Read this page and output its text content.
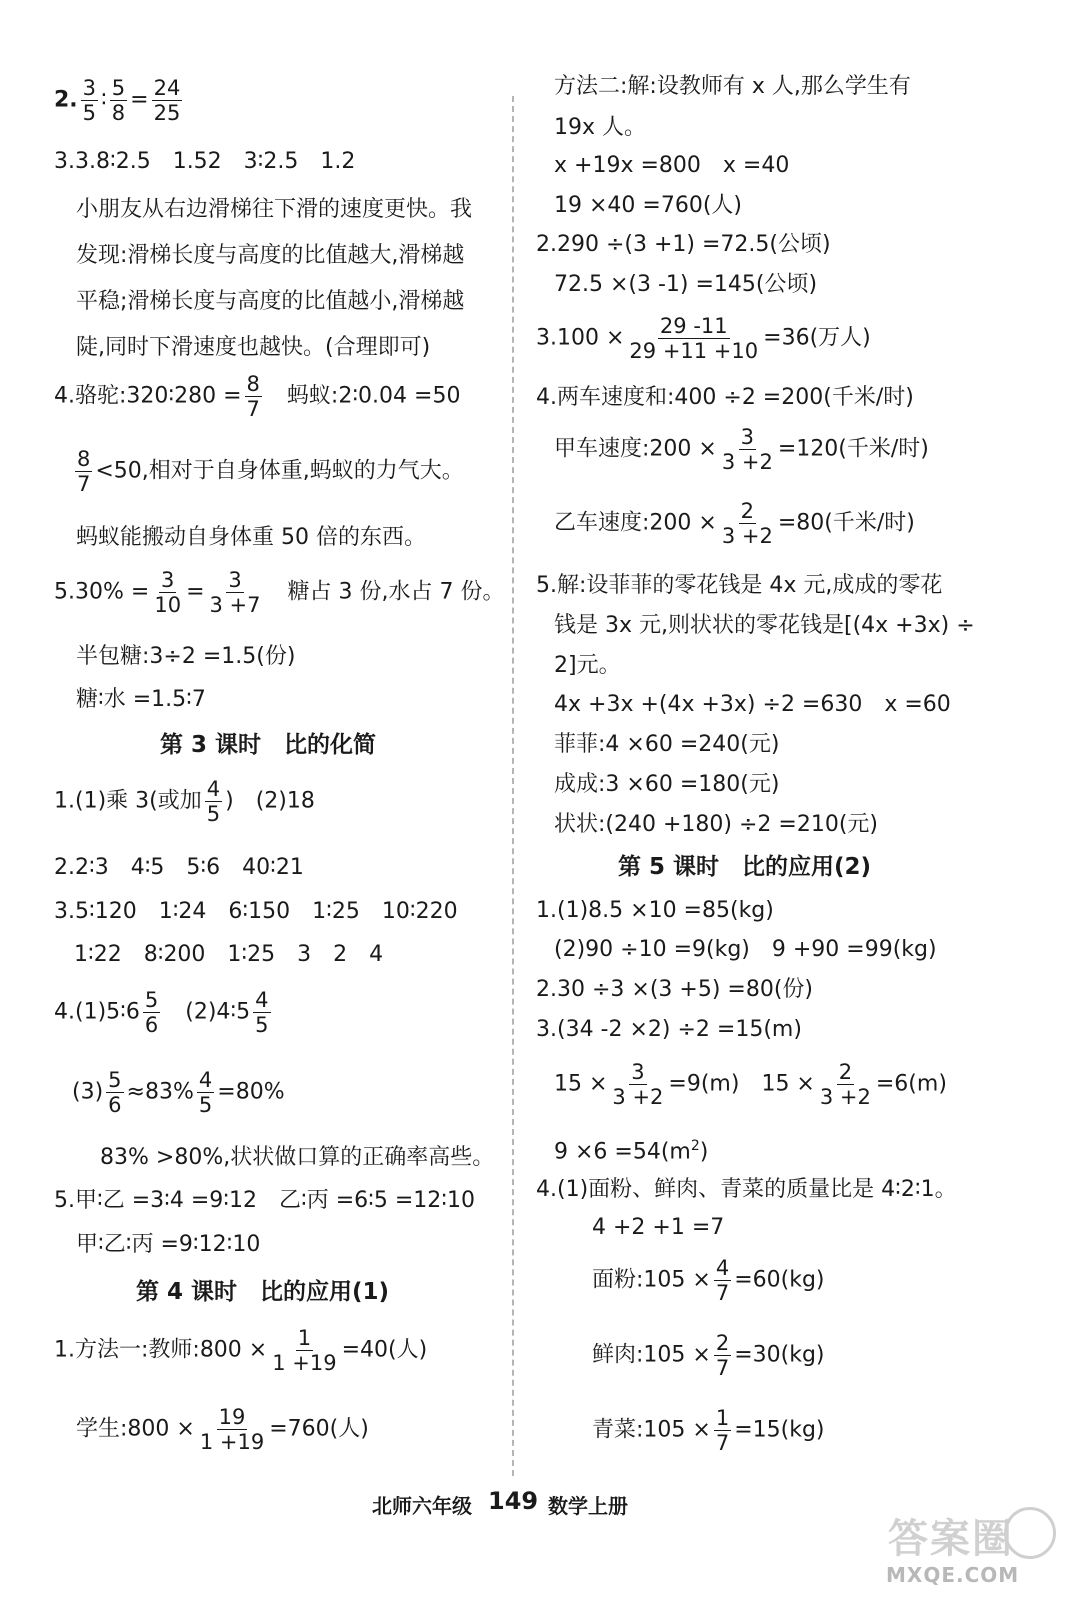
2. $\frac{3}{5}$ ∶ $\frac{5}{8} = \frac{24}{25}$
3.3.8∶2.5　1.52　3∶2.5　1.2
小朋友从右边滑梯往下滑的速度更快。我
发现:滑梯长度与高度的比值越大,滑梯越
平稳;滑梯长度与高度的比值越小,滑梯越
陡,同时下滑速度也越快。(合理即可)
4.骆驼:320∶280 = $\frac{8}{7}$ 　蚂蚁:2∶0.04 =50
$\frac{8}{7} <50$,相对于自身体重,蚂蚁的力气大。
蚂蚁能搬动自身体重 50 倍的东西。
$5.30\% = \frac{3}{10} = \frac{3}{3 +7}$ 　糖占 3 份,水占 7 份。
半包糖:3÷2 =1.5(份)
糖∶水 =1.5∶7
第 3 课时　比的化简
1.(1)乘 3(或加 $\frac{4}{5}$ )　(2)18
2.2∶3　4∶5　5∶6　40∶21
3.5∶120　1∶24　6∶150　1∶25　10∶220
1∶22　8∶200　1∶25　3　2　4
4.(1)5∶6 $\frac{5}{6}$ 　(2)4∶5 $\frac{4}{5}$
$(3) \frac{5}{6} \approx 83\% \frac{4}{5} =80\%$
83% >80%,状状做口算的正确率高些。
5.甲∶乙 =3∶4 =9∶12　乙∶丙 =6∶5 =12∶10
甲∶乙∶丙 =9∶12∶10
第 4 课时　比的应用(1)
1.方法一:教师:800 × $\frac{1}{1 +19} =40$(人)
学生:800 × $\frac{19}{1 +19} =760$(人)
方法二:解:设教师有 x 人,那么学生有
19x 人。
x +19x =800　x =40
19 ×40 =760(人)
2.290 ÷(3 +1) =72.5(公顷)
72.5 ×(3 -1) =145(公顷)
$3.100 \times \frac{29 -11}{29 +11 +10} =36$(万人)
4.两车速度和:400 ÷2 =200(千米/时)
甲车速度:200 × $\frac{3}{3 +2} =120$(千米/时)
乙车速度:200 × $\frac{2}{3 +2} =80$(千米/时)
5.解:设菲菲的零花钱是 4x 元,成成的零花
钱是 3x 元,则状状的零花钱是[(4x +3x) ÷
2]元。
4x +3x +(4x +3x) ÷2 =630　x =60
菲菲:4 ×60 =240(元)
成成:3 ×60 =180(元)
状状:(240 +180) ÷2 =210(元)
第 5 课时　比的应用(2)
1.(1)8.5 ×10 =85(kg)
(2)90 ÷10 =9(kg)　9 +90 =99(kg)
2.30 ÷3 ×(3 +5) =80(份)
3.(34 -2 ×2) ÷2 =15(m)
$15 \times \frac{3}{3 +2} =9(m)$　$15 \times \frac{2}{3 +2} =6(m)$
$9 \times 6 =54(m^2)$
4.(1)面粉、鲜肉、青菜的质量比是 4∶2∶1。
4 +2 +1 =7
面粉:105 × $\frac{4}{7} =60(kg)$
鲜肉:105 × $\frac{2}{7} =30(kg)$
青菜:105 × $\frac{1}{7} =15(kg)$
北师六年级 149 数学上册
答案圈
MXQE.COM
